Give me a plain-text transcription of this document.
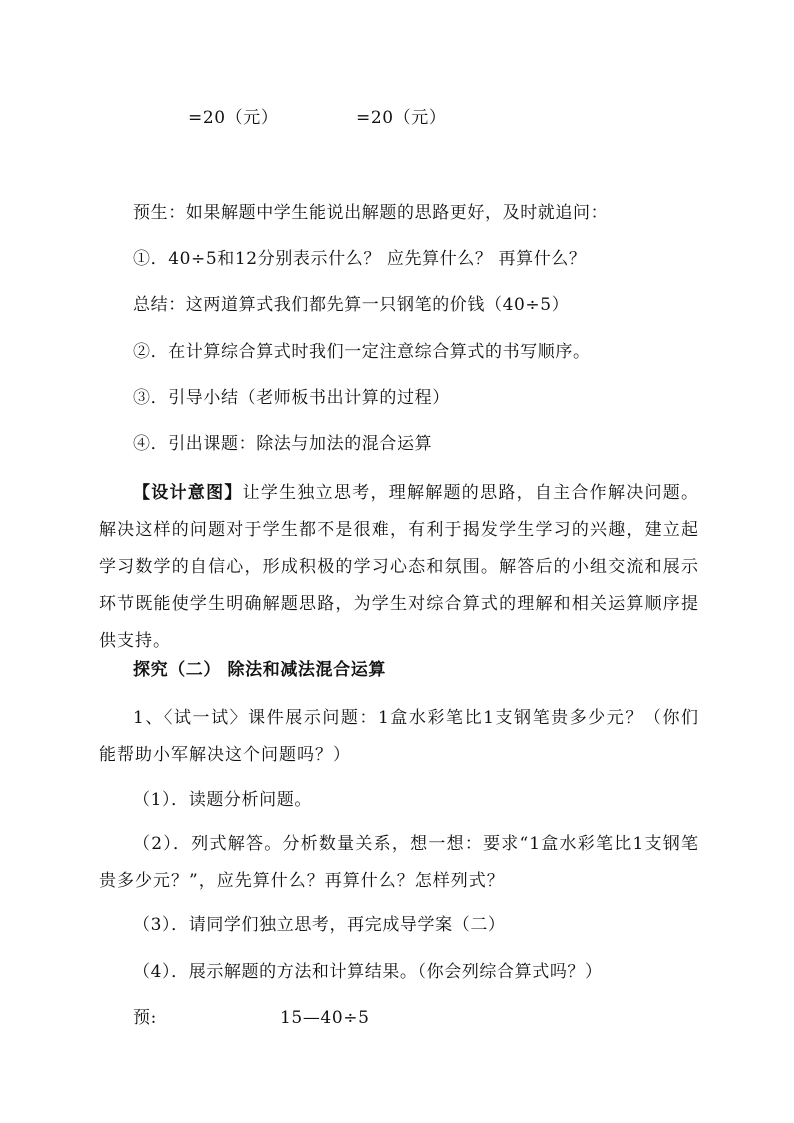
=20（元）	=20（元）
预生：如果解题中学生能说出解题的思路更好，及时就追问：
①．40÷5和12分别表示什么？ 应先算什么？ 再算什么？
总结：这两道算式我们都先算一只钢笔的价钱（40÷5）
②．在计算综合算式时我们一定注意综合算式的书写顺序。
③．引导小结（老师板书出计算的过程）
④．引出课题：除法与加法的混合运算
【设计意图】让学生独立思考，理解解题的思路，自主合作解决问题。解决这样的问题对于学生都不是很难，有利于揭发学生学习的兴趣，建立起学习数学的自信心，形成积极的学习心态和氛围。解答后的小组交流和展示环节既能使学生明确解题思路，为学生对综合算式的理解和相关运算顺序提供支持。
探究（二） 除法和减法混合运算
1、〈试一试〉课件展示问题：1盒水彩笔比1支钢笔贵多少元？（你们能帮助小军解决这个问题吗？）
（1）．读题分析问题。
（2）．列式解答。分析数量关系，想一想：要求“1盒水彩笔比1支钢笔贵多少元？”，应先算什么？再算什么？怎样列式？
（3）．请同学们独立思考，再完成导学案（二）
（4）．展示解题的方法和计算结果。（你会列综合算式吗？）
预:	15—40÷5
